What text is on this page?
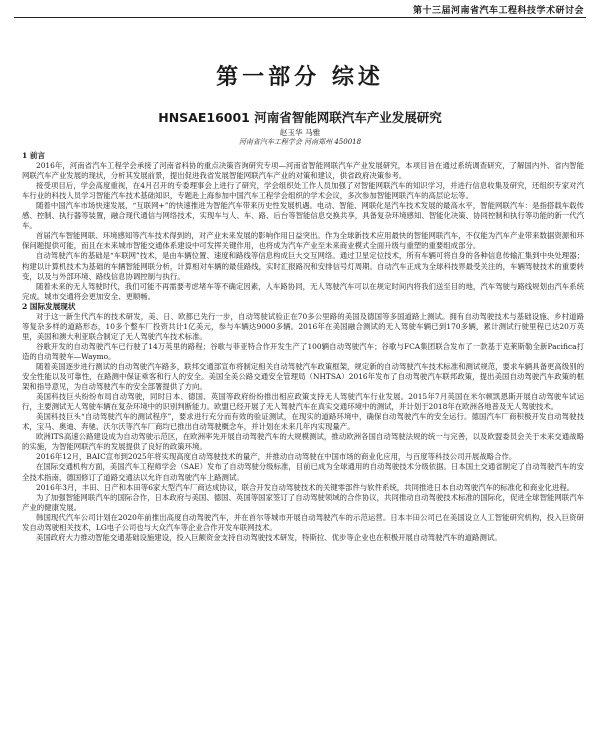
第十三届河南省汽车工程科技学术研讨会
第一部分 综述
HNSAE16001 河南省智能网联汽车产业发展研究
赵玉华 马雅
河南省汽车工程学会 河南郑州 450018
1 前言

2016年，河南省汽车工程学会承接了河南省科协的重点决策咨询研究专项—河南省智能网联汽车产业发展研究，本项目旨在通过系统调查研究，了解国内外、省内智能网联汽车产业发展的现状，分析其发展前景，提出促进我省发展智能网联汽车产业的对策和建议，供省政府决策参考。

接受项目后，学会高度重视，在4月召开的专委理事会上进行了研究，学会组织处工作人员加强了对智能网联汽车的知识学习，并进行信息收集及研究，还组织专家对汽车行业的科技人员学习智能汽车技术基础知识，专题赴上海参加中国汽车工程学会组织的学术会议，多次参加智能网联汽车的高层论坛等。

随着中国汽车市场快速发展，“互联网+”的快速推进为智能汽车带来历史性发展机遇。电动、智能、网联化是汽车技术发展的最高水平，智能网联汽车：是指搭载车载传感、控制、执行器等装置，融合现代通信与网络技术，实现车与人、车、路、后台等智能信息交换共享，具备复杂环境感知、智能化决策、协同控制和执行等功能的新一代汽车。

首届汽车智能网联、环境感知等汽车技术得到的，对产业未来发展的影响作用日益突出。作为全球新技术应用最快的智能网联汽车，不仅能为汽车产业带来数据资源和环保问题提供可能，而且在未来城市智能交通体系建设中可发挥关键作用，也将成为汽车产业至未来商业模式全面升级与重塑的重要组成部分。

自动驾驶汽车的基础是“车联网”技术，是由车辆位置、速度和路线等信息构成巨大交互网络。通过卫星定位技术，所有车辆可将自身的各种信息传输汇集到中央处理器；构建以计算机技术为基础的车辆智能网联分析，计算相对车辆的最佳路线，实时汇报路况和安排信号灯周期。自动汽车正成为全球科技界最受关注的，车辆驾驶技术的重要转变，以及与外部环境、路线信息协调控制与执行。

随着未来的无人驾驶时代，我们可能不再需要考虑堵车等不确定因素，人车路协同，无人驾驶汽车可以在规定时间内将我们送至目的地，汽车驾驶与路线规划由汽车系统完成。城市交通将会更加安全、更顺畅。

2 国际发展现状

对于这一新生代汽车的技术研发，美、日、欧都已先行一步，自动驾驶试验正在70多公里路的美国及德国等多国道路上测试。拥有自动驾驶技术与基础设施、乡村道路等复杂多样的道路形态，10多个整车厂投资共计1亿美元，参与车辆达9000多辆。2016年在美国融合测试的无人驾驶车辆已到170多辆，累计测试行驶里程已达20万英里，美国和澳大利亚联合制定了无人驾驶汽车技术标准。

谷歌开发的自动驾驶汽车已行驶了14万英里的路程；谷歌与菲亚特合作开发生产了100辆自动驾驶汽车；谷歌与FCA集团联合发布了一款基于克莱斯勒全新Pacifica打造的自动驾驶车—Waymo。

随着美国逐步进行测试的自动驾驶汽车路多，联邦交通部宣布将制定相关自动驾驶汽车政策框架，规定新的自动驾驶汽车技术标准和测试规范，要求车辆具备更高级别的安全性能以及可靠性，在路测中保证乘客和行人的安全。美国全美公路交通安全管理局（NHTSA）2016年发布了自动驾驶汽车联邦政策，提出美国自动驾驶汽车政策的框架和指导意见，为自动驾驶汽车的安全部署提供了方向。

美国科技巨头纷纷布局自动驾驶，同时日本、德国、英国等政府纷纷推出相应政策支持无人驾驶汽车行业发展。2015年7月英国在米尔顿凯恩斯开展自动驾驶车试运行，主要测试无人驾驶车辆在复杂环境中的识别判断能力。欧盟已经开展了无人驾驶汽车在真实交通环境中的测试，并计划于2018年在欧洲各地普及无人驾驶技术。

美国科技巨头“自动驾驶汽车的测试程序”，要求进行充分而有效的验证测试，在现实的道路环境中，确保自动驾驶汽车的安全运行。德国汽车厂商积极开发自动驾驶技术，宝马、奥迪、奔驰、沃尔沃等汽车厂商均已推出自动驾驶概念车，并计划在未来几年内实现量产。

欧洲ITS高速公路建设成为自动驾驶示范区，在欧洲率先开展自动驾驶汽车的大规模测试，推动欧洲各国自动驾驶法规的统一与完善，以及欧盟委员会关于未来交通战略的实施，为智能网联汽车的发展提供了良好的政策环境。

2016年12月，BAIC宣布到2025年将实现高度自动驾驶技术的量产，并推动自动驾驶在中国市场的商业化应用，与百度等科技公司开展战略合作。

在国际交通机构方面，美国汽车工程师学会（SAE）发布了自动驾驶分级标准，目前已成为全球通用的自动驾驶技术分级依据。日本国土交通省制定了自动驾驶汽车的安全技术指南，德国修订了道路交通法以允许自动驾驶汽车上路测试。

2016年3月，丰田、日产和本田等6家大型汽车厂商达成协议，联合开发自动驾驶技术的关键零部件与软件系统，共同推进日本自动驾驶汽车的标准化和商业化进程。

为了加强智能网联汽车的国际合作，日本政府与美国、德国、英国等国家签订了自动驾驶领域的合作协议，共同推动自动驾驶技术标准的国际化，促进全球智能网联汽车产业的健康发展。

韩国现代汽车公司计划在2020年前推出高度自动驾驶汽车，并在首尔等城市开展自动驾驶汽车的示范运营。日本丰田公司已在美国设立人工智能研究机构，投入巨资研发自动驾驶相关技术，LG电子公司也与大众汽车等企业合作开发车联网技术。

美国政府大力推动智能交通基础设施建设，投入巨额资金支持自动驾驶技术研发，特斯拉、优步等企业也在积极开展自动驾驶汽车的道路测试。
